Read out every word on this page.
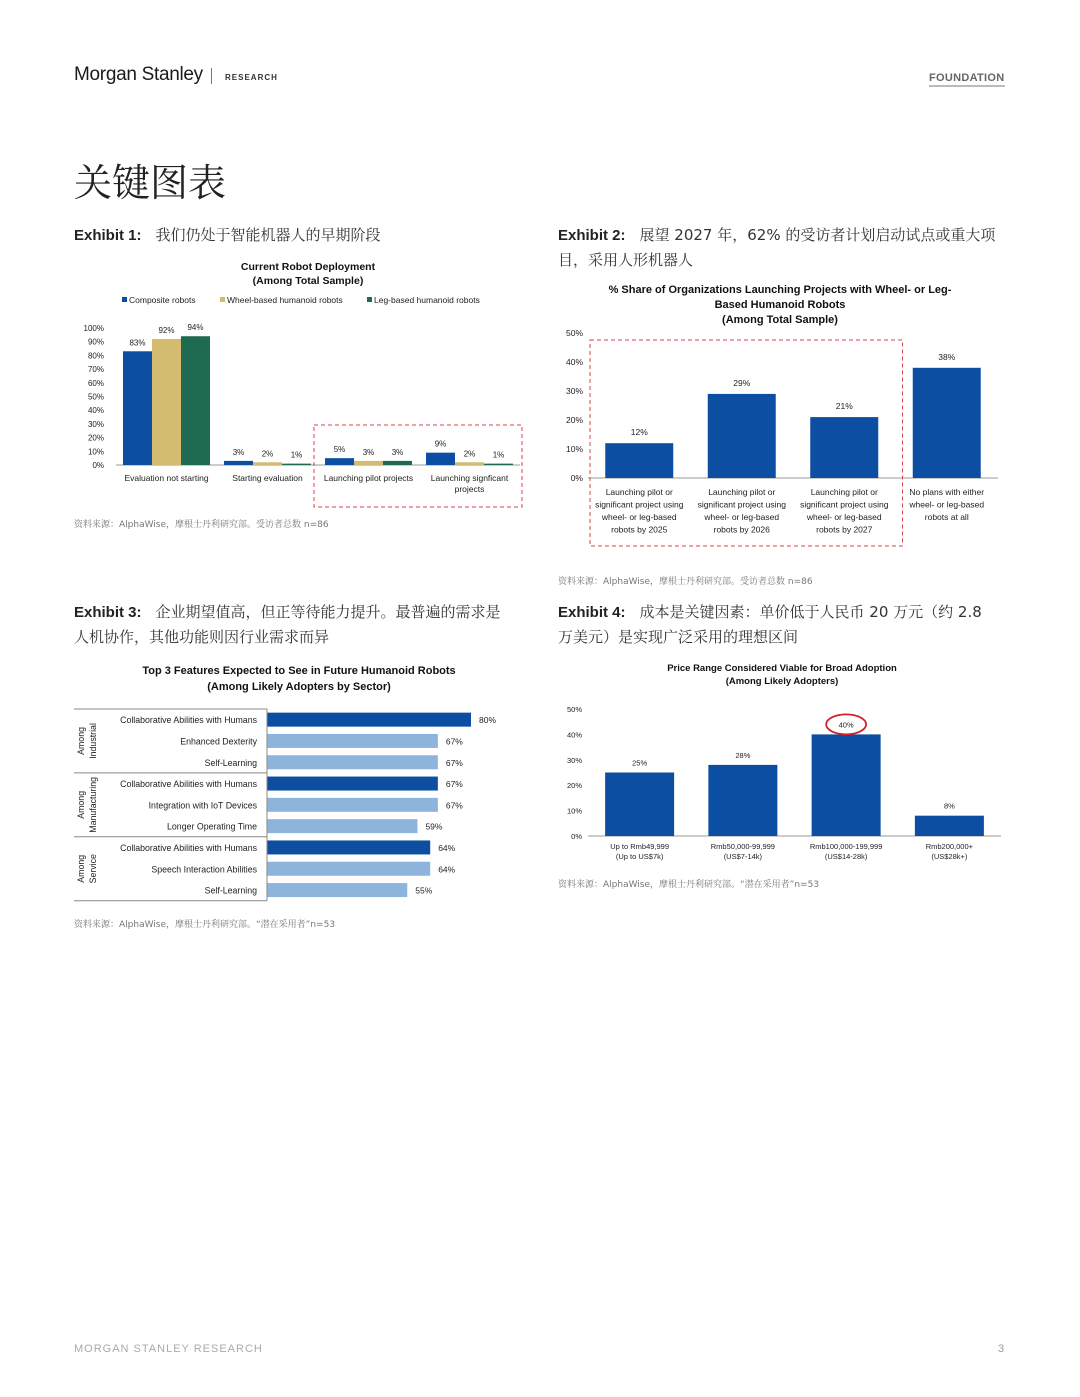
Morgan Stanley	RESEARCH	FOUNDATION
关键图表
Exhibit 1: 我们仍处于智能机器人的早期阶段	Exhibit 2: 展望 2027 年，62% 的受访者计划启动试点或重大项
目，采用人形机器人
Exhibit 3: 企业期望值高，但正等待能力提升。最普遍的需求是
人机协作，其他功能则因行业需求而异
Exhibit 4: 成本是关键因素：单价低于人民币 20 万元（约 2.8
万美元）是实现广泛采用的理想区间
Current Robot Deployment
(Among Total Sample)
Composite robots	Wheel-based humanoid robots	Leg-based humanoid robots
0%
10%
20%
30%
40%
50%
60%
70%
80%
90%
100%
83%
92% 94%
Evaluation not starting
3% 2% 1%
Starting evaluation
5% 3% 3%
Launching pilot projects
9%
2% 1%
Launching signficant
projects
% Share of Organizations Launching Projects with Wheel- or Leg-
Based Humanoid Robots
(Among Total Sample)
0%
10%
20%
30%
40%
50%
12%
Launching pilot or
significant project using
wheel- or leg-based
robots by 2025
29%
Launching pilot or
significant project using
wheel- or leg-based
robots by 2026
21%
Launching pilot or
significant project using
wheel- or leg-based
robots by 2027
38%
No plans with either
wheel- or leg-based
robots at all
Top 3 Features Expected to See in Future Humanoid Robots
(Among Likely Adopters by Sector)
Collaborative Abilities with Humans	80%
Enhanced Dexterity	67%
Self-Learning	67%
Among Industrial
Collaborative Abilities with Humans	67%
Integration with IoT Devices	67%
Longer Operating Time	59%
Among Manufacturing
Collaborative Abilities with Humans	64%
Speech Interaction Abilities	64%
Self-Learning	55%
Among Service
Price Range Considered Viable for Broad Adoption
(Among Likely Adopters)
0%
10%
20%
30%
40%
50%
25%
Up to Rmb49,999
(Up to US$7k)
28%
Rmb50,000-99,999
(US$7-14k)
40%
Rmb100,000-199,999
(US$14-28k)
8%
Rmb200,000+
(US$28k+)
资料来源：AlphaWise，摩根士丹利研究部。受访者总数 n=86
资料来源：AlphaWise，摩根士丹利研究部。受访者总数 n=86
资料来源：AlphaWise，摩根士丹利研究部。“潜在采用者”n=53
资料来源：AlphaWise，摩根士丹利研究部。“潜在采用者”n=53
MORGAN STANLEY RESEARCH	3
